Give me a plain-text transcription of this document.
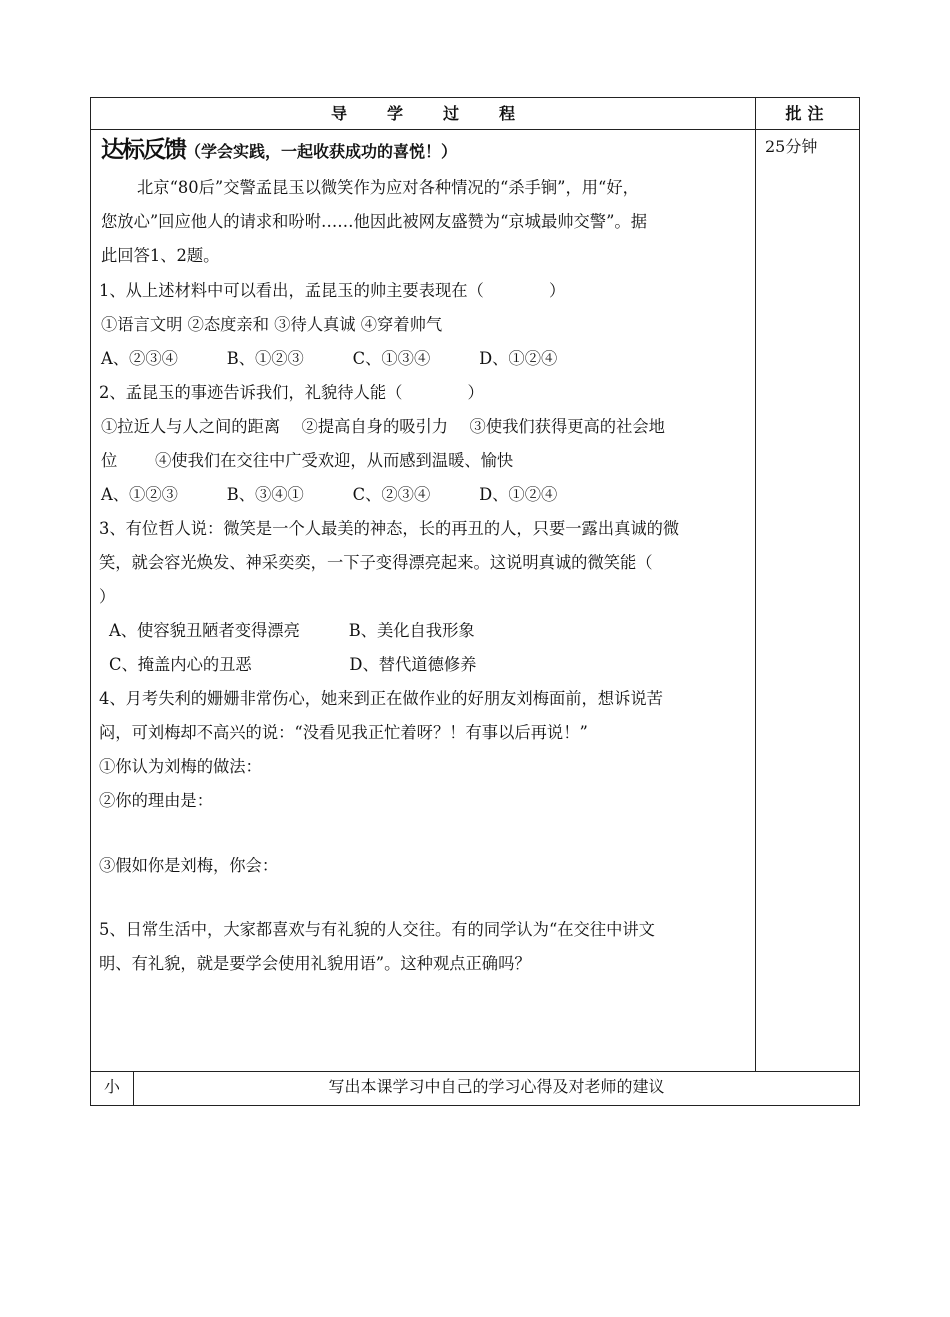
导学过程	批注
25分钟
达标反馈（学会实践，一起收获成功的喜悦！）
北京“80后”交警孟昆玉以微笑作为应对各种情况的“杀手锏”，用“好，
您放心”回应他人的请求和吩咐……他因此被网友盛赞为“京城最帅交警”。据
此回答1、2题。
1、从上述材料中可以看出，孟昆玉的帅主要表现在（　　　　）
①语言文明 ②态度亲和 ③待人真诚 ④穿着帅气
A、②③④　　　B、①②③　　　C、①③④　　　D、①②④
2、孟昆玉的事迹告诉我们，礼貌待人能（　　　　）
①拉近人与人之间的距离　 ②提高自身的吸引力　 ③使我们获得更高的社会地
位　　 ④使我们在交往中广受欢迎，从而感到温暖、愉快
A、①②③　　　B、③④①　　　C、②③④　　　D、①②④
3、有位哲人说：微笑是一个人最美的神态，长的再丑的人，只要一露出真诚的微
笑，就会容光焕发、神采奕奕，一下子变得漂亮起来。这说明真诚的微笑能（
）
A、使容貌丑陋者变得漂亮　　　B、美化自我形象
C、掩盖内心的丑恶　　　　　　D、替代道德修养
4、月考失利的姗姗非常伤心，她来到正在做作业的好朋友刘梅面前，想诉说苦
闷，可刘梅却不高兴的说：“没看见我正忙着呀？！有事以后再说！”
①你认为刘梅的做法：
②你的理由是：
③假如你是刘梅，你会：
5、日常生活中，大家都喜欢与有礼貌的人交往。有的同学认为“在交往中讲文
明、有礼貌，就是要学会使用礼貌用语”。这种观点正确吗？
小	写出本课学习中自己的学习心得及对老师的建议
